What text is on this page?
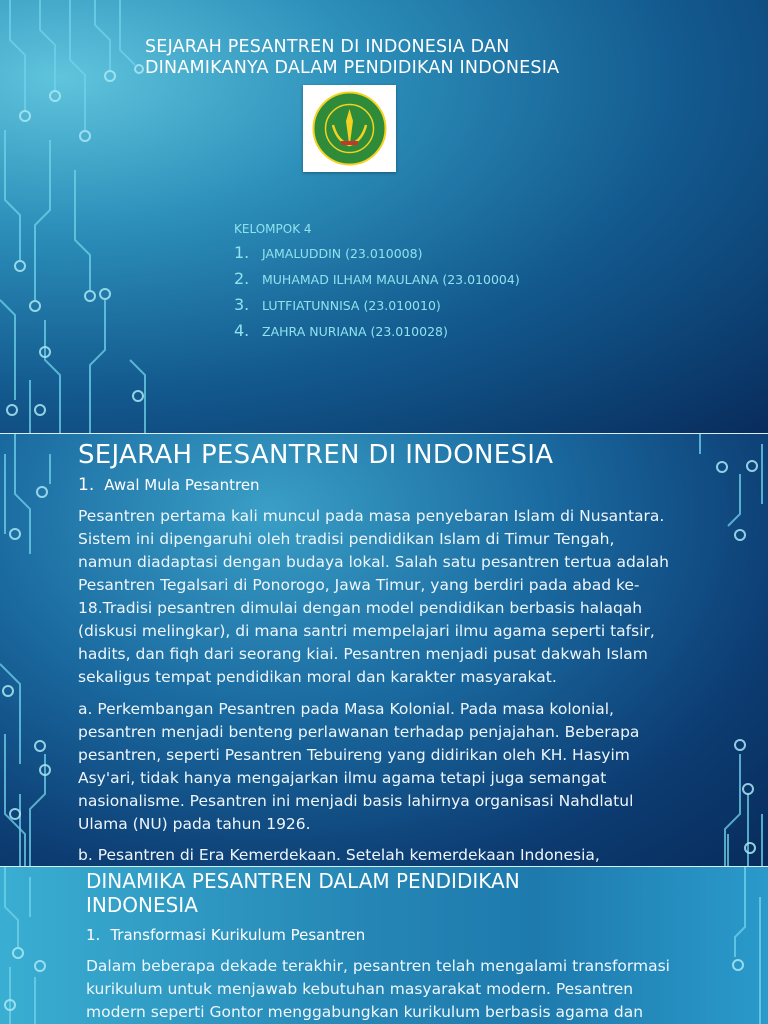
SEJARAH PESANTREN DI INDONESIA DAN
DINAMIKANYA DALAM PENDIDIKAN INDONESIA
KELOMPOK 4
1.	JAMALUDDIN (23.010008)
2.	MUHAMAD ILHAM MAULANA (23.010004)
3.	LUTFIATUNNISA (23.010010)
4.	ZAHRA NURIANA (23.010028)
SEJARAH PESANTREN DI INDONESIA
1. Awal Mula Pesantren
Pesantren pertama kali muncul pada masa penyebaran Islam di Nusantara.
Sistem ini dipengaruhi oleh tradisi pendidikan Islam di Timur Tengah,
namun diadaptasi dengan budaya lokal. Salah satu pesantren tertua adalah
Pesantren Tegalsari di Ponorogo, Jawa Timur, yang berdiri pada abad ke-
18.Tradisi pesantren dimulai dengan model pendidikan berbasis halaqah
(diskusi melingkar), di mana santri mempelajari ilmu agama seperti tafsir,
hadits, dan fiqh dari seorang kiai. Pesantren menjadi pusat dakwah Islam
sekaligus tempat pendidikan moral dan karakter masyarakat.
a. Perkembangan Pesantren pada Masa Kolonial. Pada masa kolonial,
pesantren menjadi benteng perlawanan terhadap penjajahan. Beberapa
pesantren, seperti Pesantren Tebuireng yang didirikan oleh KH. Hasyim
Asy'ari, tidak hanya mengajarkan ilmu agama tetapi juga semangat
nasionalisme. Pesantren ini menjadi basis lahirnya organisasi Nahdlatul
Ulama (NU) pada tahun 1926.
b. Pesantren di Era Kemerdekaan. Setelah kemerdekaan Indonesia,
DINAMIKA PESANTREN DALAM PENDIDIKAN
INDONESIA
1. Transformasi Kurikulum Pesantren
Dalam beberapa dekade terakhir, pesantren telah mengalami transformasi
kurikulum untuk menjawab kebutuhan masyarakat modern. Pesantren
modern seperti Gontor menggabungkan kurikulum berbasis agama dan
